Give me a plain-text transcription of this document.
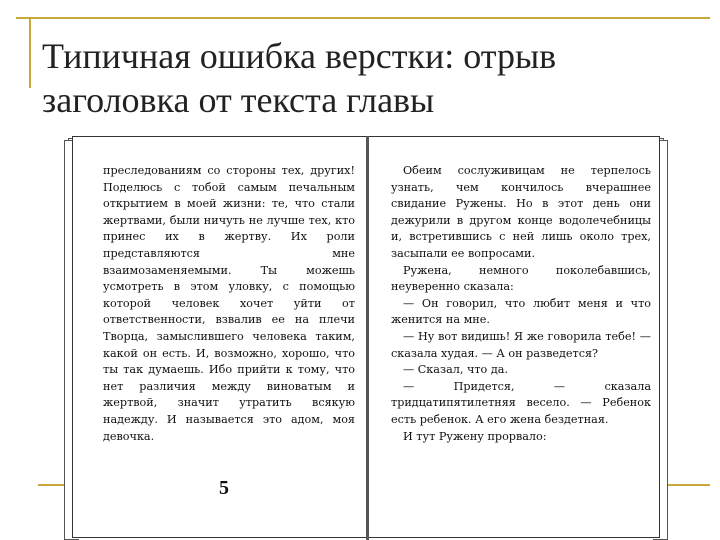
Типичная ошибка верстки: отрыв заголовка от текста главы

преследованиям со стороны тех, других! Поделюсь с тобой самым печальным открытием в моей жизни: те, что стали жертвами, были ничуть не лучше тех, кто принес их в жертву. Их роли представляются мне взаимозаменяемыми. Ты можешь усмотреть в этом уловку, с помощью которой человек хочет уйти от ответственности, взвалив ее на плечи Творца, замыслившего человека таким, какой он есть. И, возможно, хорошо, что ты так думаешь. Ибо прийти к тому, что нет различия между виноватым и жертвой, значит утратить всякую надежду. И называется это адом, моя девочка.

5

Обеим сослуживицам не терпелось узнать, чем кончилось вчерашнее свидание Ружены. Но в этот день они дежурили в другом конце водолечебницы и, встретившись с ней лишь около трех, засыпали ее вопросами.

Ружена, немного поколебавшись, неуверенно сказала:

— Он говорил, что любит меня и что женится на мне.

— Ну вот видишь! Я же говорила тебе! — сказала худая. — А он разведется?

— Сказал, что да.

— Придется, — сказала тридцатипятилетняя весело. — Ребенок есть ребенок. А его жена бездетная.

И тут Ружену прорвало:
